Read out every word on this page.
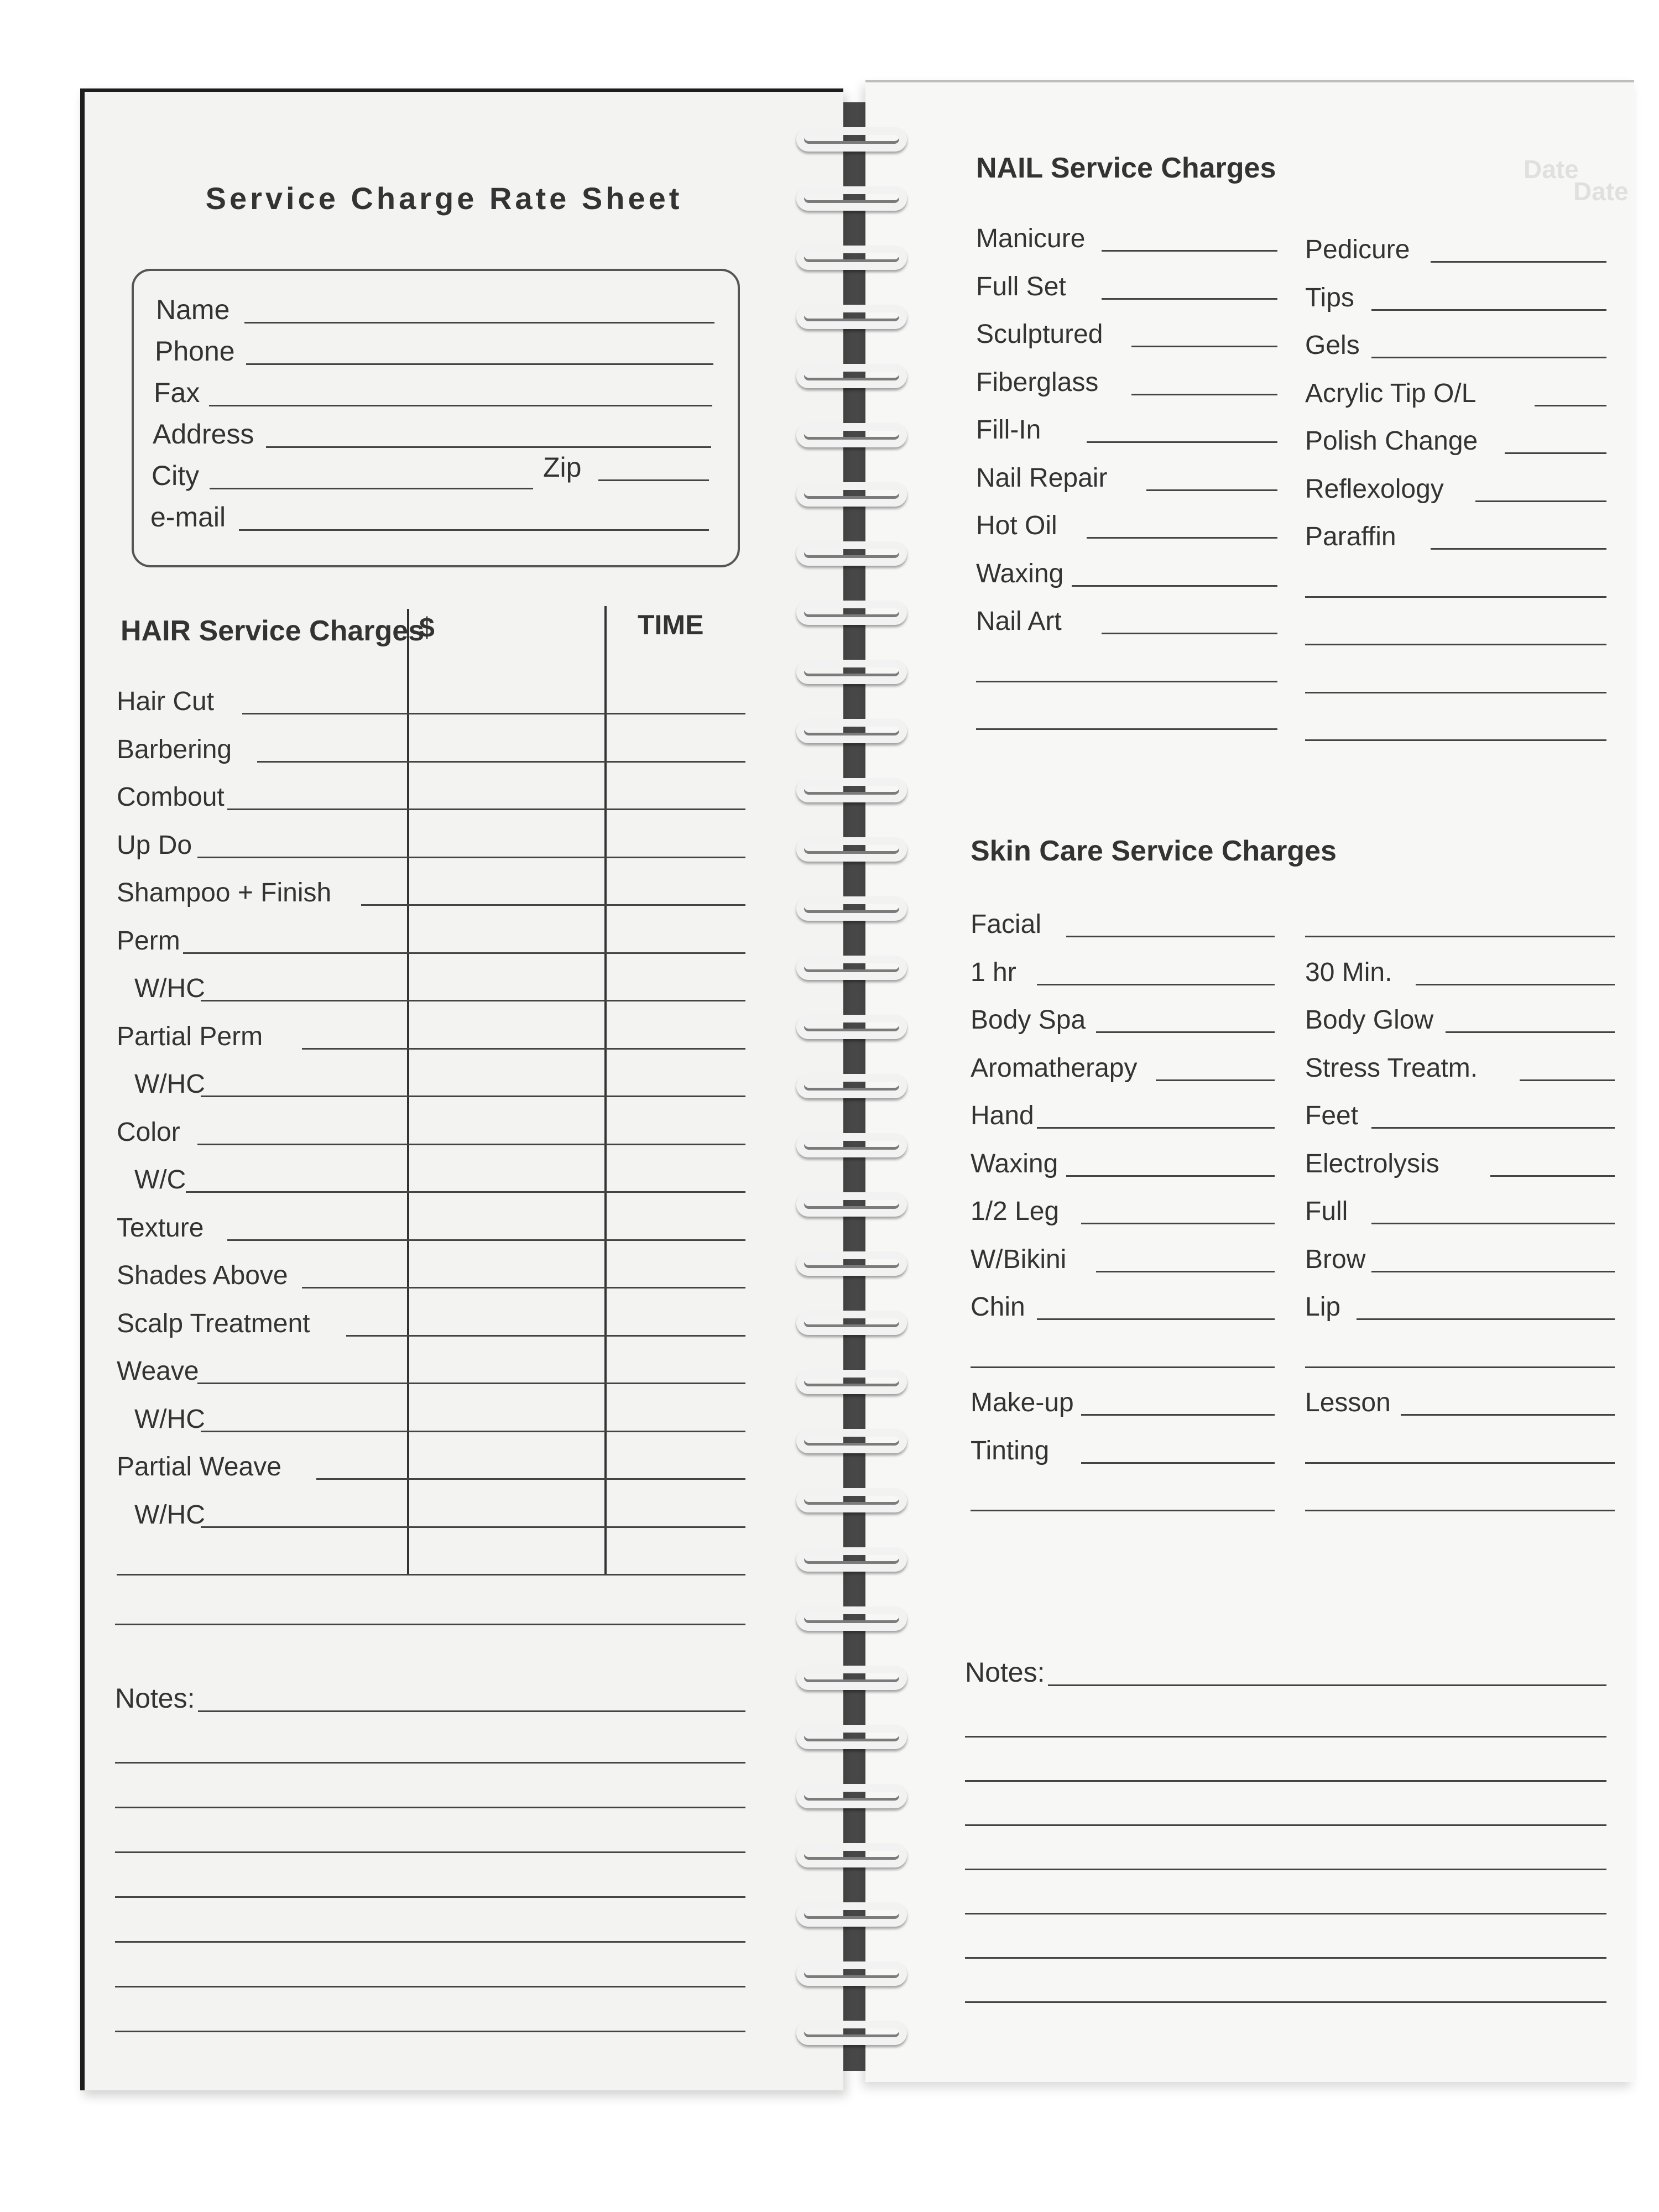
Service Charge Rate Sheet
Name
Phone
Fax
Address
City	Zip
e-mail
HAIR Service Charges
$	TIME
Hair Cut
Barbering
Combout
Up Do
Shampoo + Finish
Perm
W/HC
Partial Perm
W/HC
Color
W/C
Texture
Shades Above
Scalp Treatment
Weave
W/HC
Partial Weave
W/HC
Notes:
Date
Date
NAIL Service Charges
Manicure
Full Set
Sculptured
Fiberglass
Fill-In
Nail Repair
Hot Oil
Waxing
Nail Art
Pedicure
Tips
Gels
Acrylic Tip O/L
Polish Change
Reflexology
Paraffin
Skin Care Service Charges
Facial
1 hr
Body Spa
Aromatherapy
Hand
Waxing
1/2 Leg
W/Bikini
Chin
Make-up
Tinting
30 Min.
Body Glow
Stress Treatm.
Feet
Electrolysis
Full
Brow
Lip
Lesson
Notes:
